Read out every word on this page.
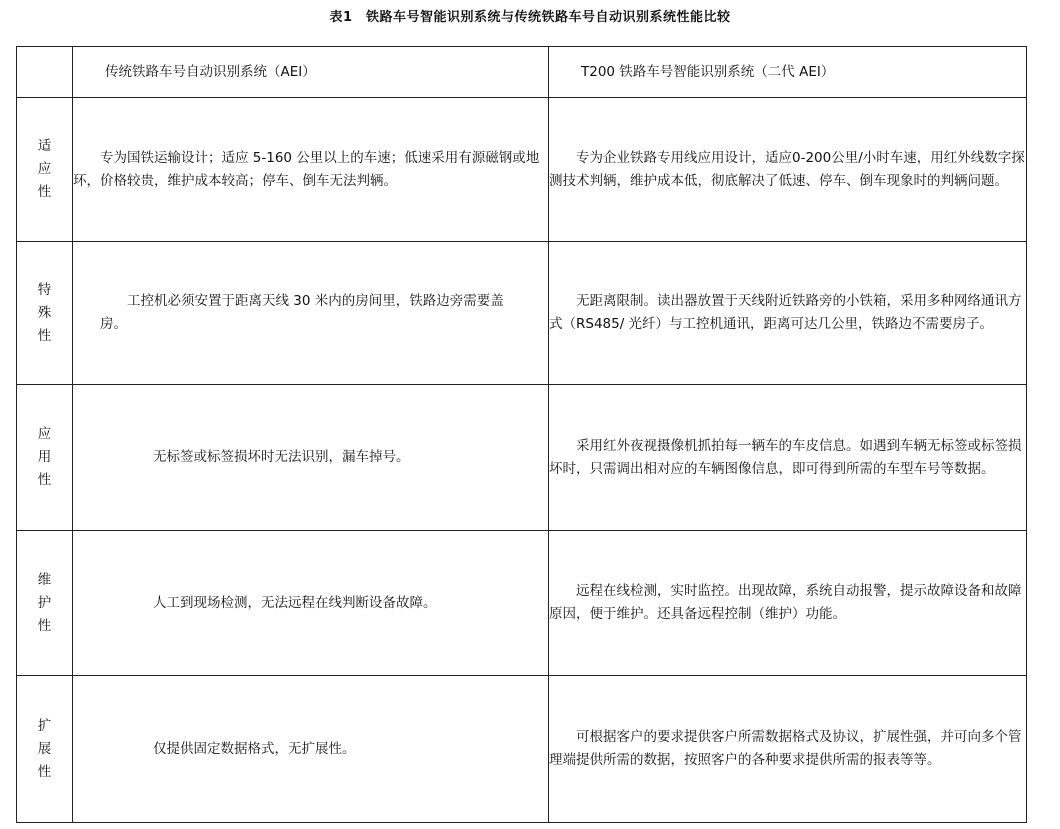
表1　铁路车号智能识别系统与传统铁路车号自动识别系统性能比较
	传统铁路车号自动识别系统（AEI）	T200 铁路车号智能识别系统（二代 AEI）

适
应
性	专为国铁运输设计；适应 5-160 公里以上的车速；低速采用有源磁钢或地环，价格较贵，维护成本较高；停车、倒车无法判辆。	专为企业铁路专用线应用设计，适应0-200公里/小时车速，用红外线数字探测技术判辆，维护成本低，彻底解决了低速、停车、倒车现象时的判辆问题。

特
殊
性	工控机必须安置于距离天线 30 米内的房间里，铁路边旁需要盖房。	无距离限制。读出器放置于天线附近铁路旁的小铁箱，采用多种网络通讯方式（RS485/ 光纤）与工控机通讯，距离可达几公里，铁路边不需要房子。

应
用
性	无标签或标签损坏时无法识别，漏车掉号。	采用红外夜视摄像机抓拍每一辆车的车皮信息。如遇到车辆无标签或标签损坏时，只需调出相对应的车辆图像信息，即可得到所需的车型车号等数据。

维
护
性	人工到现场检测，无法远程在线判断设备故障。	远程在线检测，实时监控。出现故障，系统自动报警，提示故障设备和故障原因，便于维护。还具备远程控制（维护）功能。

扩
展
性	仅提供固定数据格式，无扩展性。	可根据客户的要求提供客户所需数据格式及协议，扩展性强，并可向多个管理端提供所需的数据，按照客户的各种要求提供所需的报表等等。
